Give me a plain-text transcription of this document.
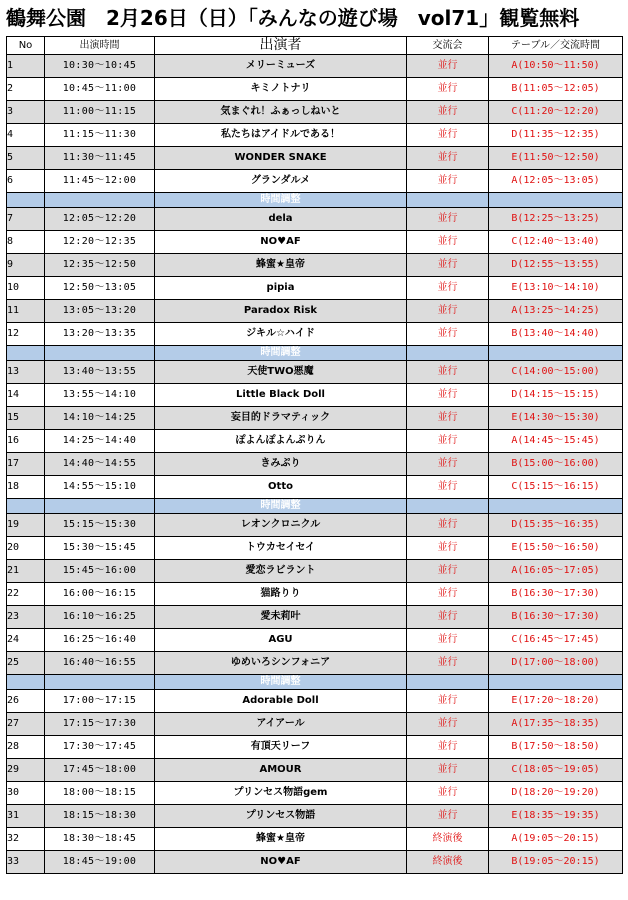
鶴舞公園　2月26日（日）「みんなの遊び場　vol71」観覧無料
No	出演時間	出演者	交流会	テーブル／交流時間
1	10:30〜10:45	メリーミューズ	並行	A(10:50〜11:50)
2	10:45〜11:00	キミノトナリ	並行	B(11:05〜12:05)
3	11:00〜11:15	気まぐれ！ふぁっしねいと	並行	C(11:20〜12:20)
4	11:15〜11:30	私たちはアイドルである！	並行	D(11:35〜12:35)
5	11:30〜11:45	WONDER SNAKE	並行	E(11:50〜12:50)
6	11:45〜12:00	グランダルメ	並行	A(12:05〜13:05)
		時間調整		
7	12:05〜12:20	dela	並行	B(12:25〜13:25)
8	12:20〜12:35	NO♥AF	並行	C(12:40〜13:40)
9	12:35〜12:50	蜂蜜★皇帝	並行	D(12:55〜13:55)
10	12:50〜13:05	pipia	並行	E(13:10〜14:10)
11	13:05〜13:20	Paradox Risk	並行	A(13:25〜14:25)
12	13:20〜13:35	ジキル☆ハイド	並行	B(13:40〜14:40)
		時間調整		
13	13:40〜13:55	天使TWO悪魔	並行	C(14:00〜15:00)
14	13:55〜14:10	Little Black Doll	並行	D(14:15〜15:15)
15	14:10〜14:25	妄目的ドラマティック	並行	E(14:30〜15:30)
16	14:25〜14:40	ぽよんぽよんぷりん	並行	A(14:45〜15:45)
17	14:40〜14:55	きみぷり	並行	B(15:00〜16:00)
18	14:55〜15:10	Otto	並行	C(15:15〜16:15)
		時間調整		
19	15:15〜15:30	レオンクロニクル	並行	D(15:35〜16:35)
20	15:30〜15:45	トウカセイセイ	並行	E(15:50〜16:50)
21	15:45〜16:00	愛恋ラビラント	並行	A(16:05〜17:05)
22	16:00〜16:15	猫路りり	並行	B(16:30〜17:30)
23	16:10〜16:25	愛未莉叶	並行	B(16:30〜17:30)
24	16:25〜16:40	AGU	並行	C(16:45〜17:45)
25	16:40〜16:55	ゆめいろシンフォニア	並行	D(17:00〜18:00)
		時間調整		
26	17:00〜17:15	Adorable Doll	並行	E(17:20〜18:20)
27	17:15〜17:30	アイアール	並行	A(17:35〜18:35)
28	17:30〜17:45	有頂天リーフ	並行	B(17:50〜18:50)
29	17:45〜18:00	AMOUR	並行	C(18:05〜19:05)
30	18:00〜18:15	プリンセス物語gem	並行	D(18:20〜19:20)
31	18:15〜18:30	プリンセス物語	並行	E(18:35〜19:35)
32	18:30〜18:45	蜂蜜★皇帝	終演後	A(19:05〜20:15)
33	18:45〜19:00	NO♥AF	終演後	B(19:05〜20:15)
